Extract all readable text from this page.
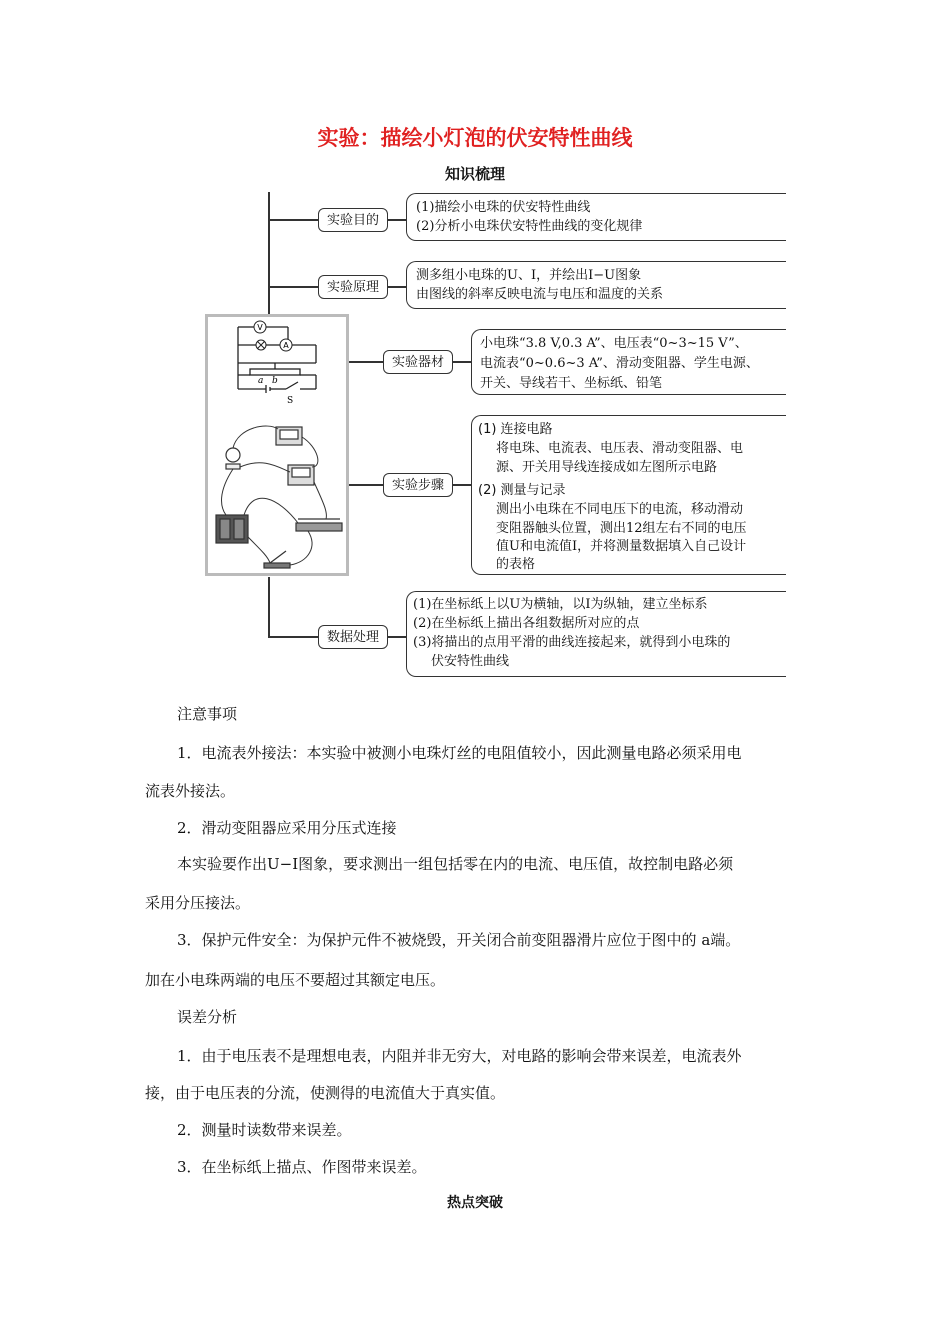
实验：描绘小灯泡的伏安特性曲线
知识梳理
实验目的
(1)描绘小电珠的伏安特性曲线
(2)分析小电珠伏安特性曲线的变化规律
实验原理
测多组小电珠的U、I，并绘出I−U图象
由图线的斜率反映电流与电压和温度的关系
实验器材
小电珠“3.8 V,0.3 A”、电压表“0~3~15 V”、
电流表“0~0.6~3 A”、滑动变阻器、学生电源、
开关、导线若干、坐标纸、铅笔
实验步骤
(1) 连接电路
将电珠、电流表、电压表、滑动变阻器、电
源、开关用导线连接成如左图所示电路
(2) 测量与记录
测出小电珠在不同电压下的电流，移动滑动
变阻器触头位置，测出12组左右不同的电压
值U和电流值I，并将测量数据填入自己设计
的表格
数据处理
(1)在坐标纸上以U为横轴，以I为纵轴，建立坐标系
(2)在坐标纸上描出各组数据所对应的点
(3)将描出的点用平滑的曲线连接起来，就得到小电珠的
伏安特性曲线
V
A
a b
S
注意事项
1．电流表外接法：本实验中被测小电珠灯丝的电阻值较小，因此测量电路必须采用电
流表外接法。
2．滑动变阻器应采用分压式连接
本实验要作出U−I图象，要求测出一组包括零在内的电流、电压值，故控制电路必须
采用分压接法。
3．保护元件安全：为保护元件不被烧毁，开关闭合前变阻器滑片应位于图中的 a端。
加在小电珠两端的电压不要超过其额定电压。
误差分析
1．由于电压表不是理想电表，内阻并非无穷大，对电路的影响会带来误差，电流表外
接，由于电压表的分流，使测得的电流值大于真实值。
2．测量时读数带来误差。
3．在坐标纸上描点、作图带来误差。
热点突破
